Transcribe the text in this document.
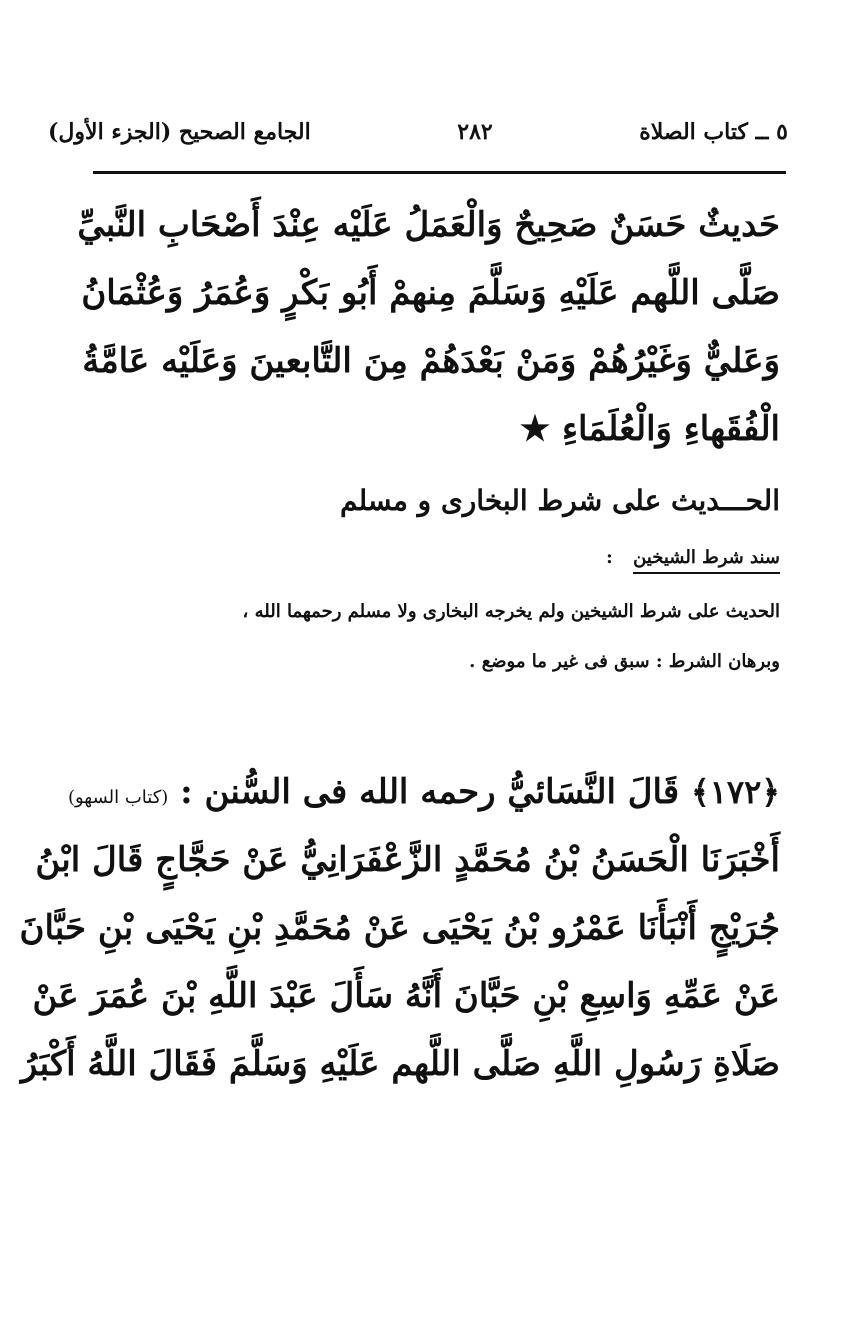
٥ ــ كتاب الصلاة
٢٨٢
الجامع الصحيح (الجزء الأول)
حَديثٌ حَسَنٌ صَحِيحٌ وَالْعَمَلُ عَلَيْه عِنْدَ أَصْحَابِ النَّبيِّ
صَلَّى اللَّهم عَلَيْهِ وَسَلَّمَ مِنهمْ أَبُو بَكْرٍ وَعُمَرُ وَعُثْمَانُ
وَعَليٌّ وَغَيْرُهُمْ وَمَنْ بَعْدَهُمْ مِنَ التَّابعينَ وَعَلَيْه عَامَّةُ
الْفُقَهاءِ وَالْعُلَمَاءِ ★
الحـــديث على شرط البخارى و مسلم
سند شرط الشيخين :
الحديث على شرط الشيخين ولم يخرجه البخارى ولا مسلم رحمهما الله ،
وبرهان الشرط : سبق فى غير ما موضع .
﴿١٧٢﴾ قَالَ النَّسَائيُّ رحمه الله فى السُّنن : (كتاب السهو)
أَخْبَرَنَا الْحَسَنُ بْنُ مُحَمَّدٍ الزَّعْفَرَانِيُّ عَنْ حَجَّاجٍ قَالَ ابْنُ
جُرَيْجٍ أَنْبَأَنَا عَمْرُو بْنُ يَحْيَى عَنْ مُحَمَّدِ بْنِ يَحْيَى بْنِ حَبَّانَ
عَنْ عَمِّهِ وَاسِعِ بْنِ حَبَّانَ أَنَّهُ سَأَلَ عَبْدَ اللَّهِ بْنَ عُمَرَ عَنْ
صَلَاةِ رَسُولِ اللَّهِ صَلَّى اللَّهم عَلَيْهِ وَسَلَّمَ فَقَالَ اللَّهُ أَكْبَرُ
